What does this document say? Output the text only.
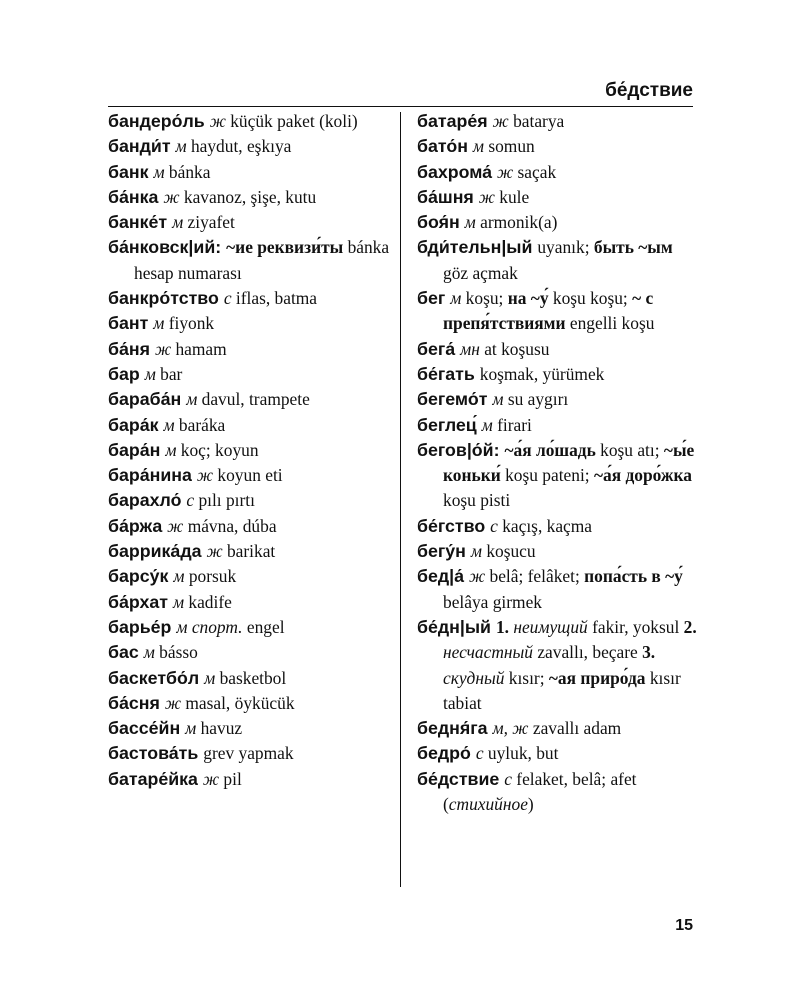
бе́дствие

бандеро́ль ж küçük paket (koli)

банди́т м haydut, eşkıya

банк м bánka

ба́нка ж kavanoz, şişe, kutu

банке́т м ziyafet

ба́нковск|ий: ~ие реквизи́ты bánka hesap numarası

банкро́тство с iflas, batma

бант м fiyonk

ба́ня ж hamam

бар м bar

бараба́н м davul, trampete

бара́к м baráka

бара́н м koç; koyun

бара́нина ж koyun eti

барахло́ с pılı pırtı

ба́ржа ж mávna, dúba

баррика́да ж barikat

барсу́к м porsuk

ба́рхат м kadife

барье́р м спорт. engel

бас м básso

баскетбо́л м basketbol

ба́сня ж masal, öykücük

бассе́йн м havuz

бастова́ть grev yapmak

батаре́йка ж pil

батаре́я ж batarya

бато́н м somun

бахрома́ ж saçak

ба́шня ж kule

боя́н м armonik(a)

бди́тельн|ый uyanık; быть ~ым göz açmak

бег м koşu; на ~у́ koşu koşu; ~ с препя́тствиями engelli koşu

бега́ мн at koşusu

бе́гать koşmak, yürümek

бегемо́т м su aygırı

беглец́ м firari

бегов|о́й: ~а́я ло́шадь koşu atı; ~ы́е коньки́ koşu pateni; ~а́я доро́жка koşu pisti

бе́гство с kaçış, kaçma

бегу́н м koşucu

бед|а́ ж belâ; felâket; попа́сть в ~у́ belâya girmek

бе́дн|ый 1. неимущий fakir, yoksul 2. несчастный zavallı, beçare 3. скудный kısır; ~ая приро́да kısır tabiat

бедня́га м, ж zavallı adam

бедро́ с uyluk, but

бе́дствие с felaket, belâ; afet (стихийное)

15
